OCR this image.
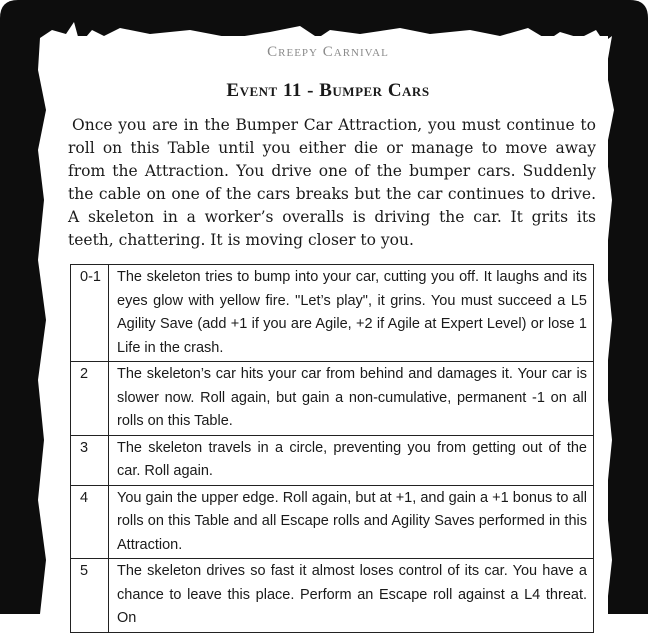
Creepy Carnival
Event 11 - Bumper Cars
Once you are in the Bumper Car Attraction, you must continue to roll on this Table until you either die or manage to move away from the Attraction. You drive one of the bumper cars. Suddenly the cable on one of the cars breaks but the car continues to drive. A skeleton in a worker’s overalls is driving the car. It grits its teeth, chattering. It is moving closer to you.
0-1	The skeleton tries to bump into your car, cutting you off. It laughs and its eyes glow with yellow fire. "Let’s play", it grins. You must succeed a L5 Agility Save (add +1 if you are Agile, +2 if Agile at Expert Level) or lose 1 Life in the crash.
2	The skeleton’s car hits your car from behind and damages it. Your car is slower now. Roll again, but gain a non-cumulative, permanent -1 on all rolls on this Table.
3	The skeleton travels in a circle, preventing you from getting out of the car. Roll again.
4	You gain the upper edge. Roll again, but at +1, and gain a +1 bonus to all rolls on this Table and all Escape rolls and Agility Saves performed in this Attraction.
5	The skeleton drives so fast it almost loses control of its car. You have a chance to leave this place. Perform an Escape roll against a L4 threat. On
